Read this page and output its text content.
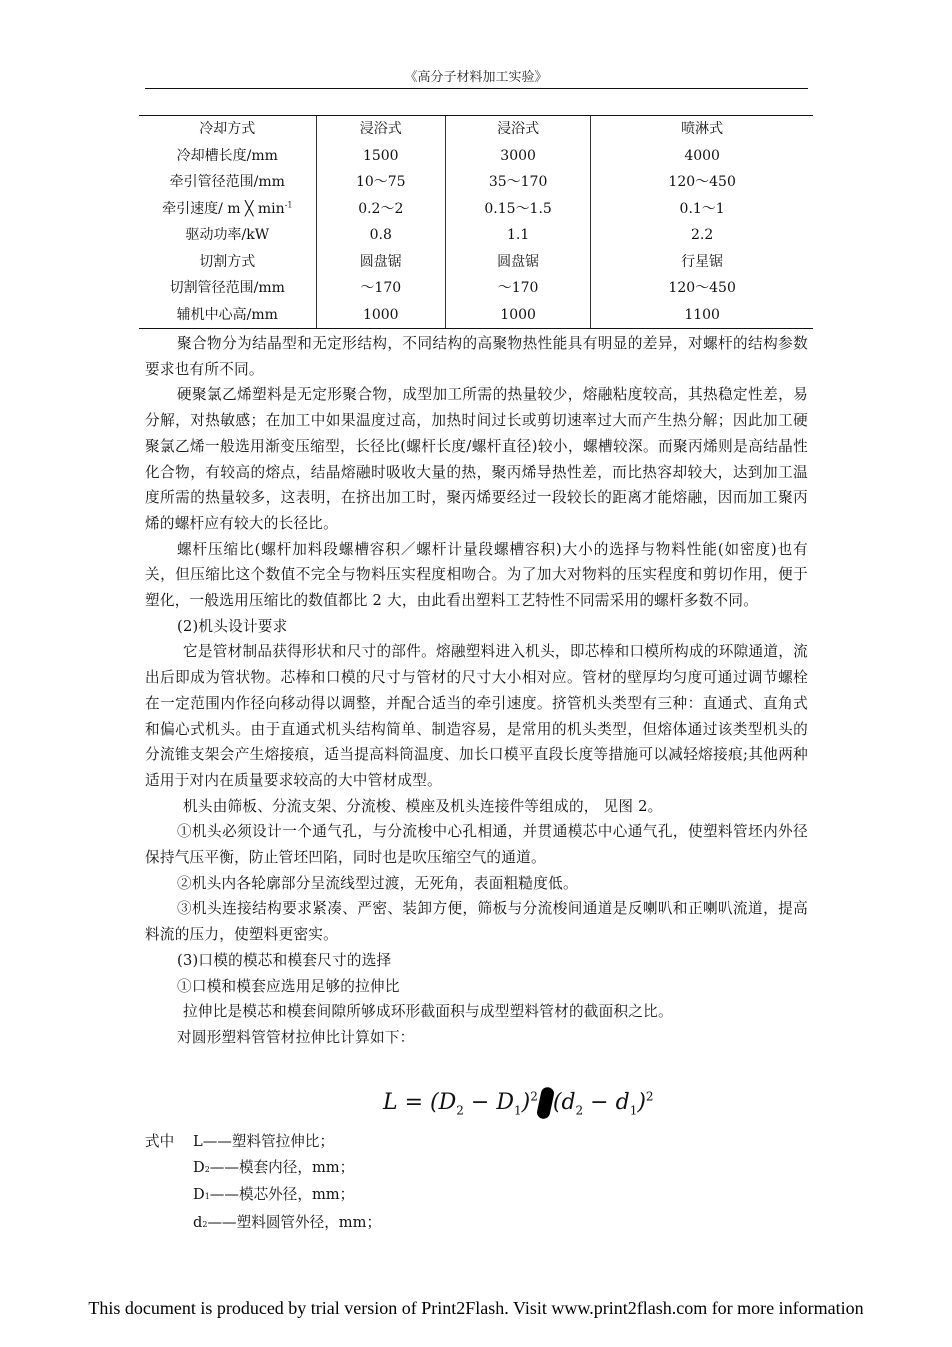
《高分子材料加工实验》
冷却方式	浸浴式	浸浴式	喷淋式
冷却槽长度/mm	1500	3000	4000
牵引管径范围/mm	10～75	35～170	120～450
牵引速度/ m ╳ $\min^{-1}$	0.2～2	0.15～1.5	0.1～1
驱动功率/kW	0.8	1.1	2.2
切割方式	圆盘锯	圆盘锯	行星锯
切割管径范围/mm	～170	～170	120～450
辅机中心高/mm	1000	1000	1100

聚合物分为结晶型和无定形结构，不同结构的高聚物热性能具有明显的差异，对螺杆的结构参数要求也有所不同。

硬聚氯乙烯塑料是无定形聚合物，成型加工所需的热量较少，熔融粘度较高，其热稳定性差，易分解，对热敏感；在加工中如果温度过高，加热时间过长或剪切速率过大而产生热分解；因此加工硬聚氯乙烯一般选用渐变压缩型，长径比(螺杆长度/螺杆直径)较小，螺槽较深。而聚丙烯则是高结晶性化合物，有较高的熔点，结晶熔融时吸收大量的热，聚丙烯导热性差，而比热容却较大，达到加工温度所需的热量较多，这表明，在挤出加工时，聚丙烯要经过一段较长的距离才能熔融，因而加工聚丙烯的螺杆应有较大的长径比。

螺杆压缩比(螺杆加料段螺槽容积／螺杆计量段螺槽容积)大小的选择与物料性能(如密度)也有关，但压缩比这个数值不完全与物料压实程度相吻合。为了加大对物料的压实程度和剪切作用，便于塑化，一般选用压缩比的数值都比 2 大，由此看出塑料工艺特性不同需采用的螺杆多数不同。

(2)机头设计要求

它是管材制品获得形状和尺寸的部件。熔融塑料进入机头，即芯棒和口模所构成的环隙通道，流出后即成为管状物。芯棒和口模的尺寸与管材的尺寸大小相对应。管材的壁厚均匀度可通过调节螺栓在一定范围内作径向移动得以调整，并配合适当的牵引速度。挤管机头类型有三种：直通式、直角式和偏心式机头。由于直通式机头结构简单、制造容易，是常用的机头类型，但熔体通过该类型机头的分流锥支架会产生熔接痕，适当提高料筒温度、加长口模平直段长度等措施可以减轻熔接痕;其他两种适用于对内在质量要求较高的大中管材成型。

机头由筛板、分流支架、分流梭、模座及机头连接件等组成的， 见图 2。

①机头必须设计一个通气孔，与分流梭中心孔相通，并贯通模芯中心通气孔，使塑料管坯内外径保持气压平衡，防止管坯凹陷，同时也是吹压缩空气的通道。

②机头内各轮廓部分呈流线型过渡，无死角，表面粗糙度低。

③机头连接结构要求紧凑、严密、装卸方便，筛板与分流梭间通道是反喇叭和正喇叭流道，提高料流的压力，使塑料更密实。

(3)口模的模芯和模套尺寸的选择

①口模和模套应选用足够的拉伸比

拉伸比是模芯和模套间隙所够成环形截面积与成型塑料管材的截面积之比。

对圆形塑料管管材拉伸比计算如下：

$L = (D_2 - D_1)^2$ $(d_2 - d_1)^2$
式中 L——塑料管拉伸比；
D2——模套内径，mm；
D1——模芯外径，mm；
d2——塑料圆管外径，mm；
This document is produced by trial version of Print2Flash. Visit www.print2flash.com for more information
